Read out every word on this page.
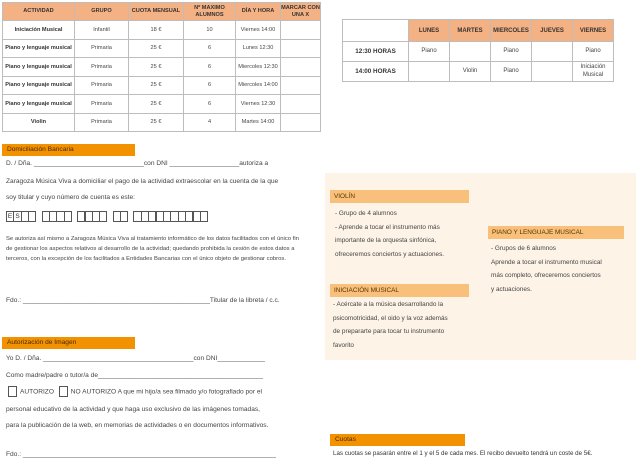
ACTIVIDAD	GRUPO	CUOTA MENSUAL	Nº MAXIMO ALUMNOS	DÍA Y HORA	MARCAR CON UNA X
Iniciación Musical	Infantil	18 €	10	Viernes 14:00	
Piano y lenguaje musical	Primaria	25 €	6	Lunes 12:30	
Piano y lenguaje musical	Primaria	25 €	6	Miercoles 12:30	
Piano y lenguaje musical	Primaria	25 €	6	Miercoles 14:00	
Piano y lenguaje musical	Primaria	25 €	6	Viernes 12:30	
Violin	Primaria	25 €	4	Martes 14:00	
	LUNES	MARTES	MIERCOLES	JUEVES	VIERNES
12:30 HORAS	Piano		Piano		Piano
14:00 HORAS		Violin	Piano		Iniciación Musical
Domiciliación Bancaria
D. / Dña. ______________________________con DNI ___________________autoriza a
Zaragoza Música Viva a domiciliar el pago de la actividad extraescolar en la cuenta de la que
soy titular y cuyo número de cuenta es este:
E S
Se autoriza así mismo a Zaragoza Música Viva al tratamiento informático de los datos facilitados con el único fin de gestionar los aspectos relativos al desarrollo de la actividad; quedando prohibida la cesión de estos datos a terceros, con la excepción de los facilitados a Entidades Bancarias con el único objeto de gestionar cobros.
Fdo.: ___________________________________________________Titular de la libreta / c.c.
Autorización de Imagen
Yo D. / Dña. _________________________________________con DNI_____________
Como madre/padre o tutor/a de_____________________________________________
AUTORIZO	NO AUTORIZO A que mi hijo/a sea filmado y/o fotografiado por el
personal educativo de la actividad y que haga uso exclusivo de las imágenes tomadas,
para la publicación de la web, en memorias de actividades o en documentos informativos.
Fdo.: _____________________________________________________________________
VIOLÍN
- Grupo de 4 alumnos
- Aprende a tocar el instrumento más
importante de la orquesta sinfónica,
ofreceremos conciertos y actuaciones.
PIANO Y LENGUAJE MUSICAL
- Grupos de 6 alumnos
Aprende a tocar el instrumento musical
más completo, ofreceremos conciertos
y actuaciones.
INICIACIÓN MUSICAL
- Acércate a la música desarrollando la
psicomotricidad, el oido y la voz además
de prepararte para tocar tu instrumento
favorito
Cuotas
Las cuotas se pasarán entre el 1 y el 5 de cada mes. El recibo devuelto tendrá un coste de 5€.
